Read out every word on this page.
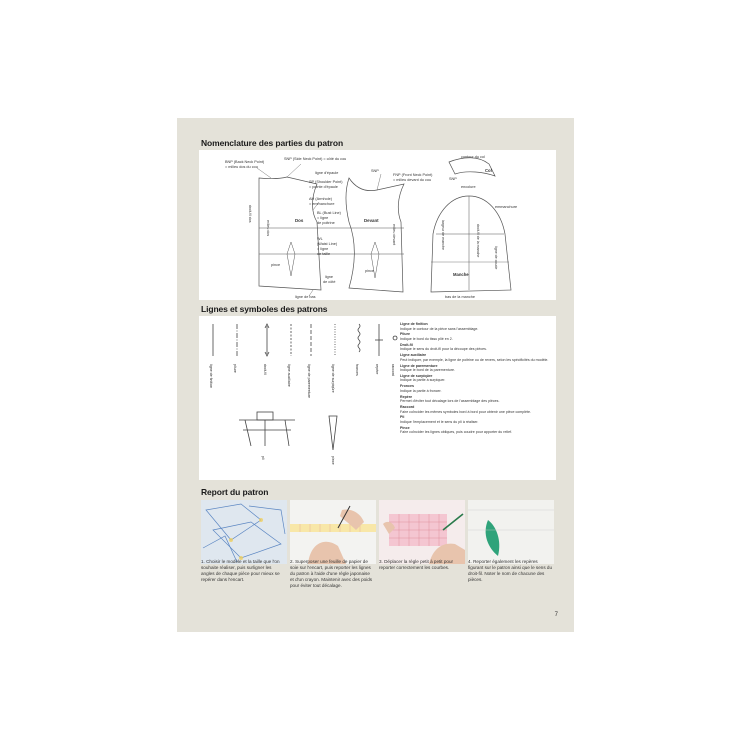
Nomenclature des parties du patron
BNP (Back Neck Point)
= milieu dos du cou
SNP (Side Neck Point) = côté du cou
SNP
FNP (Front Neck Point)
= milieu devant du cou
ligne d'épaule
SP (Shoulder Point)
= pointe d'épaule
AH (Armhole)
= emmanchure
BL (Bust Line)
= ligne
de poitrine
WL
(Waist Line)
= ligne
de taille
Dos	Devant
pince
pince
ligne
de côté
ligne de bas
droit-fil dos
milieu dos	milieu devant
contour du col
Col
SNP
encolure
emmanchure
Manche
droit-fil de la manche
ligne de coude
largeur de manche
bas de la manche
Lignes et symboles des patrons
ligne de finition	pliure	droit-fil	ligne auxiliaire	ligne de parementure	ligne de surpiqûre	fronces	repère	raccord
pli	pince
Ligne de finition
Indique le contour de la pièce sans l'assemblage.
Pliure
Indique le bord du tissu plié en 2.
Droit-fil
Indique le sens du droit-fil pour la découpe des pièces.
Ligne auxiliaire
Peut indiquer, par exemple, la ligne de poitrine ou de revers, selon les spécificités du modèle.
Ligne de parementure
Indique le bord de la parementure.
Ligne de surpiqûre
Indique la partie à surpiquer.
Fronces
Indique la partie à froncer.
Repère
Permet d'éviter tout décalage lors de l'assemblage des pièces.
Raccord
Faire coïncider les mêmes symboles bord à bord pour obtenir une pièce complète.
Pli
Indique l'emplacement et le sens du pli à réaliser.
Pince
Faire coïncider les lignes obliques, puis coudre pour apporter du relief.
Report du patron
1. Choisir le modèle et la taille que l'on souhaite réaliser, puis surligner les angles de chaque pièce pour mieux se repérer dans l'encart.
2. Superposer une feuille de papier de soie sur l'encart, puis reporter les lignes du patron à l'aide d'une règle japonaise et d'un crayon. Maintenir avec des poids pour éviter tout décalage.
3. Déplacer la règle petit à petit pour reporter correctement les courbes.
4. Reporter également les repères figurant sur le patron ainsi que le sens du droit-fil. Noter le nom de chacune des pièces.
7
